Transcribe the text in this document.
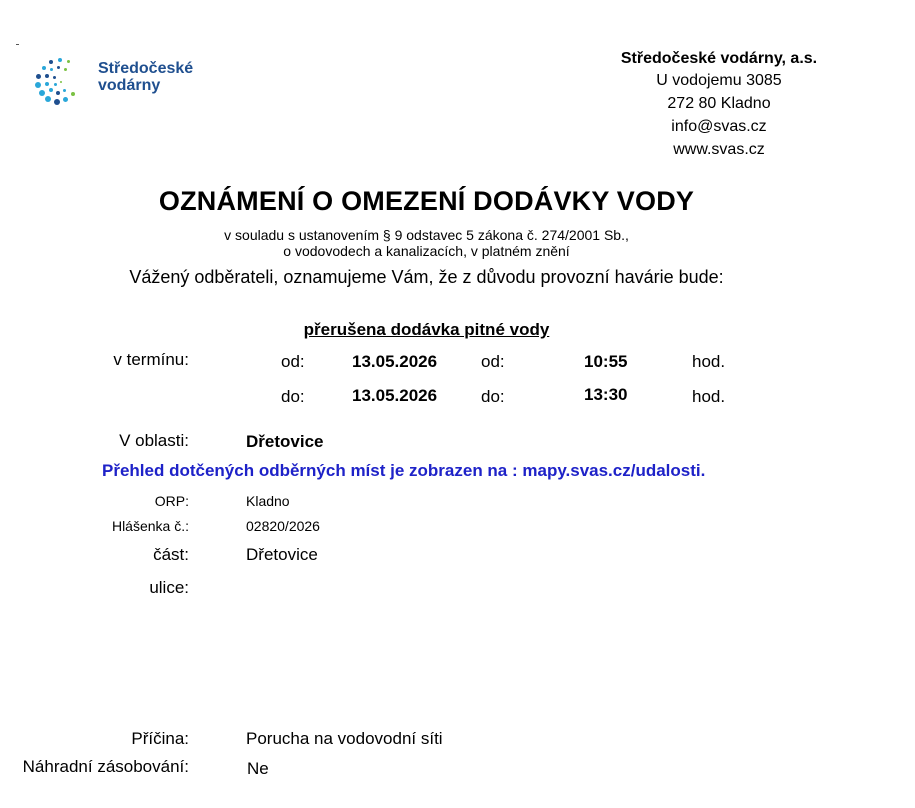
Středočeské
vodárny
Středočeské vodárny, a.s.
U vodojemu 3085
272 80 Kladno
info@svas.cz
www.svas.cz
OZNÁMENÍ O OMEZENÍ DODÁVKY VODY
v souladu s ustanovením § 9 odstavec 5 zákona č. 274/2001 Sb.,
o vodovodech a kanalizacích, v platném znění
Vážený odběrateli, oznamujeme Vám, že z důvodu provozní havárie bude:
přerušena dodávka pitné vody
v termínu:	od:	13.05.2026	od:	10:55	hod.
do:	13.05.2026	do:	13:30	hod.
V oblasti:	Dřetovice
Přehled dotčených odběrných míst je zobrazen na : mapy.svas.cz/udalosti.
ORP:	Kladno
Hlášenka č.:	02820/2026
část:	Dřetovice
ulice:
Příčina:	Porucha na vodovodní síti
Náhradní zásobování:	Ne
